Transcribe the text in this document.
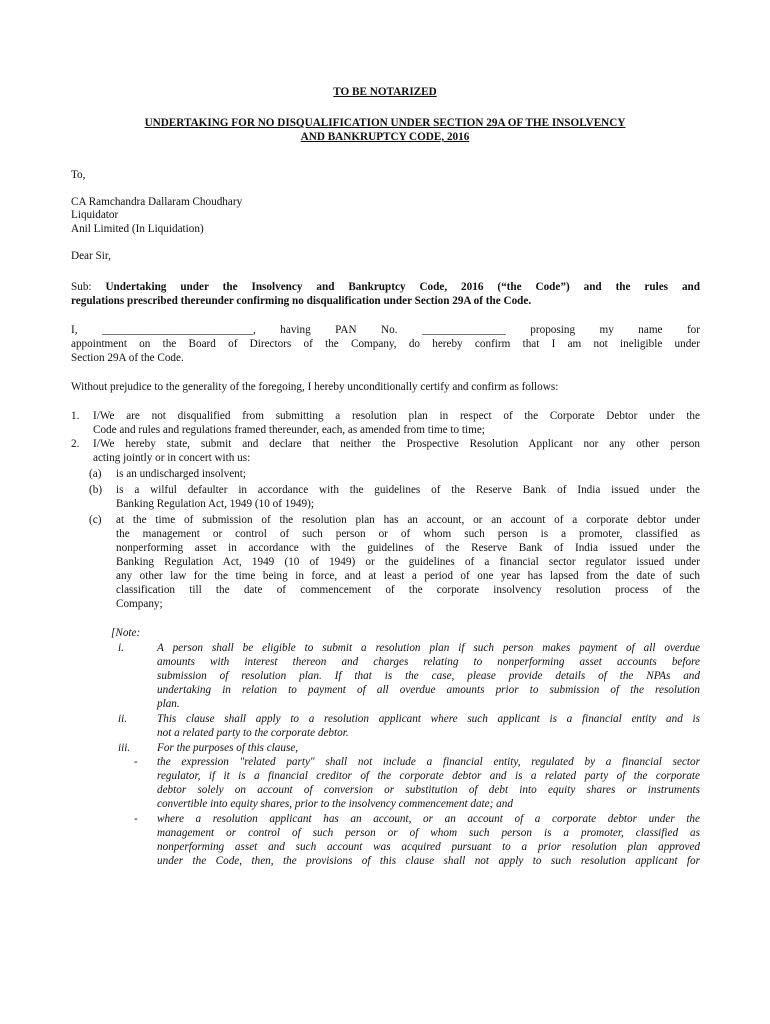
TO BE NOTARIZED
UNDERTAKING FOR NO DISQUALIFICATION UNDER SECTION 29A OF THE INSOLVENCY
AND BANKRUPTCY CODE, 2016
To,
CA Ramchandra Dallaram Choudhary
Liquidator
Anil Limited (In Liquidation)
Dear Sir,
Sub: Undertaking under the Insolvency and Bankruptcy Code, 2016 (“the Code”) and the rules and
regulations prescribed thereunder confirming no disqualification under Section 29A of the Code.
I, ___________________________, having PAN No. _______________ proposing my name for
appointment on the Board of Directors of the Company, do hereby confirm that I am not ineligible under
Section 29A of the Code.
Without prejudice to the generality of the foregoing, I hereby unconditionally certify and confirm as follows:
1. I/We are not disqualified from submitting a resolution plan in respect of the Corporate Debtor under the
Code and rules and regulations framed thereunder, each, as amended from time to time;
2. I/We hereby state, submit and declare that neither the Prospective Resolution Applicant nor any other person
acting jointly or in concert with us:
(a) is an undischarged insolvent;
(b) is a wilful defaulter in accordance with the guidelines of the Reserve Bank of India issued under the
Banking Regulation Act, 1949 (10 of 1949);
(c) at the time of submission of the resolution plan has an account, or an account of a corporate debtor under
the management or control of such person or of whom such person is a promoter, classified as
nonperforming asset in accordance with the guidelines of the Reserve Bank of India issued under the
Banking Regulation Act, 1949 (10 of 1949) or the guidelines of a financial sector regulator issued under
any other law for the time being in force, and at least a period of one year has lapsed from the date of such
classification till the date of commencement of the corporate insolvency resolution process of the
Company;
[Note:
i.	A person shall be eligible to submit a resolution plan if such person makes payment of all overdue
amounts with interest thereon and charges relating to nonperforming asset accounts before
submission of resolution plan. If that is the case, please provide details of the NPAs and
undertaking in relation to payment of all overdue amounts prior to submission of the resolution
plan.
ii.	This clause shall apply to a resolution applicant where such applicant is a financial entity and is
not a related party to the corporate debtor.
iii. For the purposes of this clause,
- the expression "related party" shall not include a financial entity, regulated by a financial sector
regulator, if it is a financial creditor of the corporate debtor and is a related party of the corporate
debtor solely on account of conversion or substitution of debt into equity shares or instruments
convertible into equity shares, prior to the insolvency commencement date; and
- where a resolution applicant has an account, or an account of a corporate debtor under the
management or control of such person or of whom such person is a promoter, classified as
nonperforming asset and such account was acquired pursuant to a prior resolution plan approved
under the Code, then, the provisions of this clause shall not apply to such resolution applicant for
